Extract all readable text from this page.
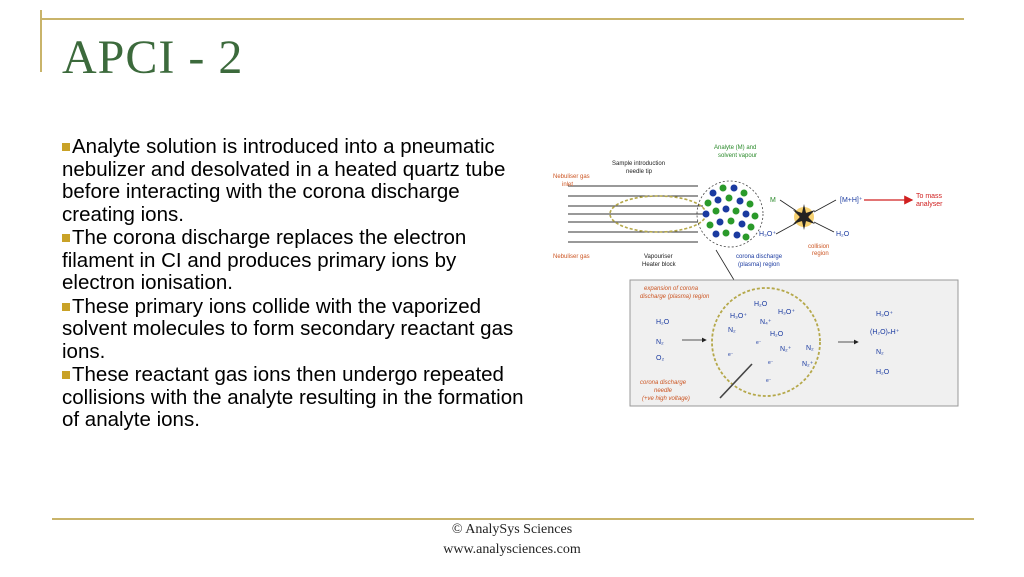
APCI - 2
Analyte solution is introduced into a pneumatic nebulizer and desolvated in a heated quartz tube before interacting with the corona discharge creating ions.
The corona discharge replaces the electron filament in CI and produces primary ions by electron ionisation.
These primary ions collide with the vaporized solvent molecules to form secondary reactant gas ions.
These reactant gas ions then undergo repeated collisions with the analyte resulting in the formation of analyte ions.
Nebuliser gas
inlet
Nebuliser gas
Sample introduction
needle tip
Vapouriser
Heater block
Analyte (M) and
solvent vapour
M
H₃O⁺
[M+H]⁺
H₂O
To mass
analyser
collision
region
corona discharge
(plasma) region
expansion of corona
discharge (plasma) region
H₂O
N₂
O₂
H₂O
H₃O⁺
H₃O⁺
N₄⁺
N₂
H₂O
N₂⁺ N₂
N₂⁺
e⁻
e⁻
e⁻
e⁻
corona discharge
needle
(+ve high voltage)
H₃O⁺
(H₂O)ₙH⁺
N₂
H₂O
© AnalySys Sciences
www.analysciences.com
